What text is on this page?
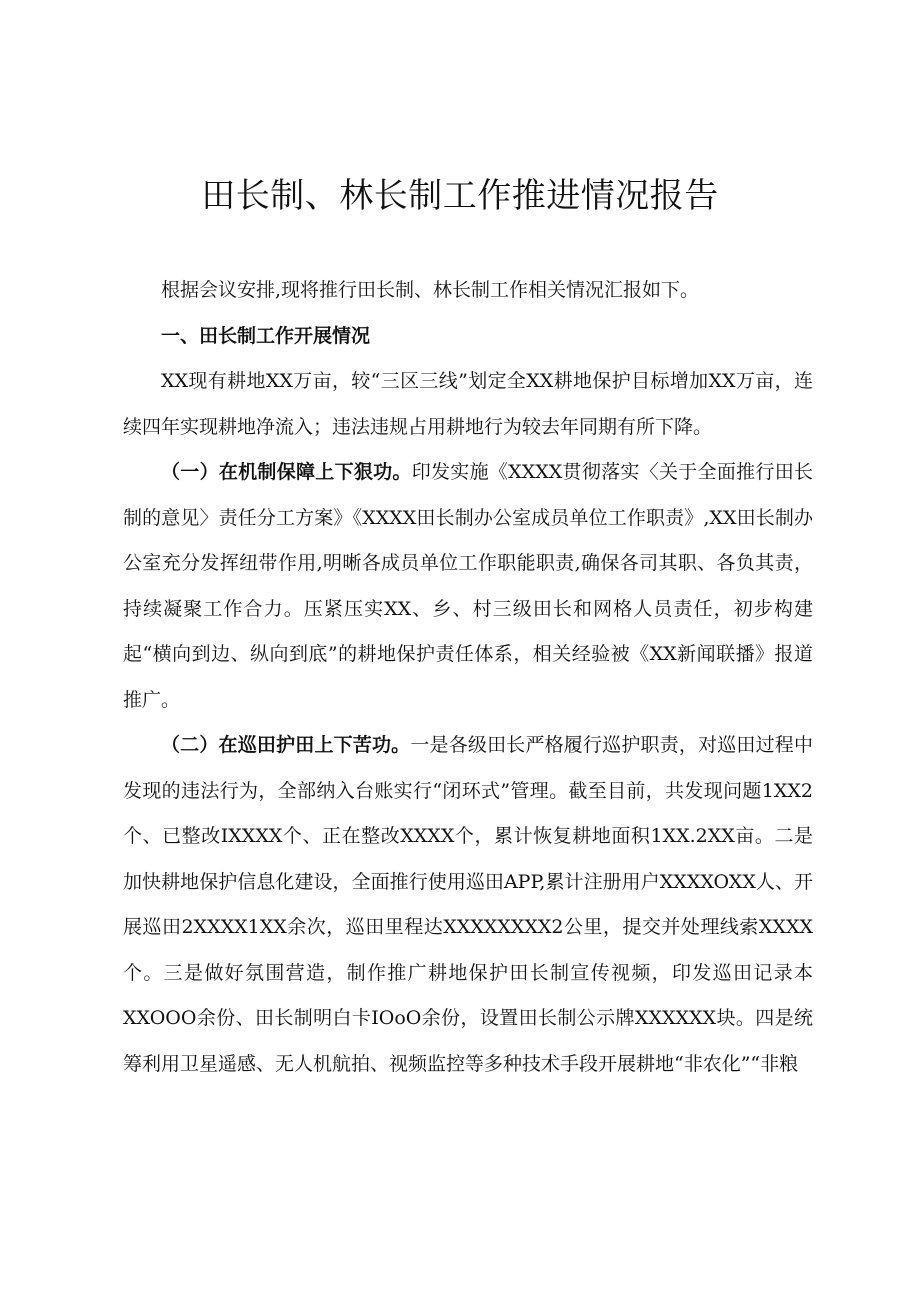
田长制、林长制工作推进情况报告

根据会议安排,现将推行田长制、林长制工作相关情况汇报如下。

一、田长制工作开展情况

XX现有耕地XX万亩，较“三区三线”划定全XX耕地保护目标增加XX万亩，连续四年实现耕地净流入；违法违规占用耕地行为较去年同期有所下降。

（一）在机制保障上下狠功。印发实施《XXXX贯彻落实〈关于全面推行田长制的意见〉责任分工方案》《XXXX田长制办公室成员单位工作职责》,XX田长制办公室充分发挥纽带作用,明晰各成员单位工作职能职责,确保各司其职、各负其责，持续凝聚工作合力。压紧压实XX、乡、村三级田长和网格人员责任，初步构建起“横向到边、纵向到底”的耕地保护责任体系，相关经验被《XX新闻联播》报道推广。

（二）在巡田护田上下苦功。一是各级田长严格履行巡护职责，对巡田过程中发现的违法行为，全部纳入台账实行“闭环式”管理。截至目前，共发现问题1XX2个、已整改IXXXX个、正在整改XXXX个，累计恢复耕地面积1XX.2XX亩。二是加快耕地保护信息化建设，全面推行使用巡田APP,累计注册用户XXXXOXX人、开展巡田2XXXX1XX余次，巡田里程达XXXXXXXX2公里，提交并处理线索XXXX个。三是做好氛围营造，制作推广耕地保护田长制宣传视频，印发巡田记录本XXOOO余份、田长制明白卡IOoO余份，设置田长制公示牌XXXXXX块。四是统筹利用卫星遥感、无人机航拍、视频监控等多种技术手段开展耕地“非农化”“非粮
